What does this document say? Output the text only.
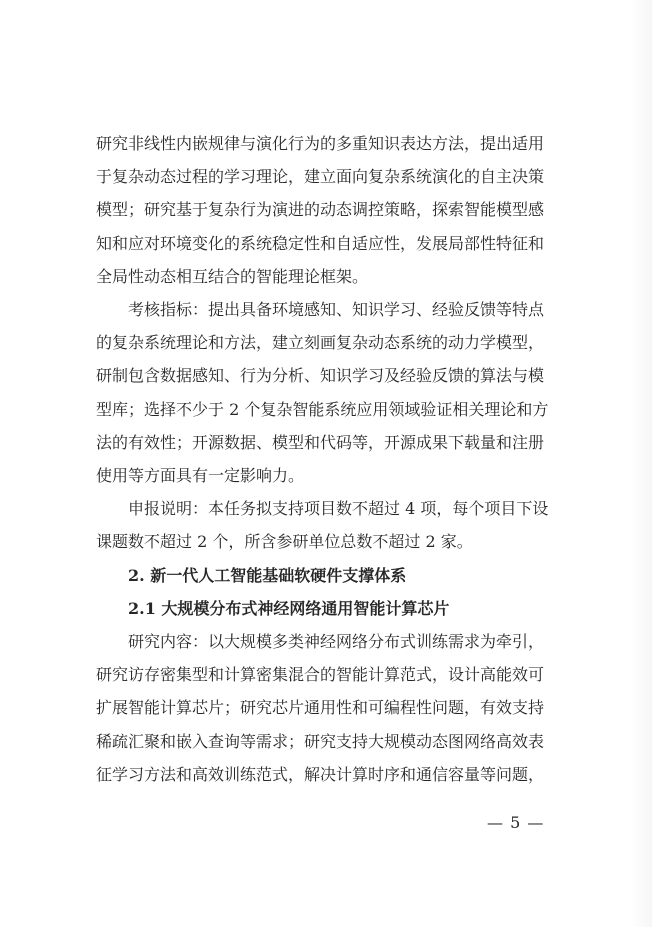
研究非线性内嵌规律与演化行为的多重知识表达方法，提出适用
于复杂动态过程的学习理论，建立面向复杂系统演化的自主决策
模型；研究基于复杂行为演进的动态调控策略，探索智能模型感
知和应对环境变化的系统稳定性和自适应性，发展局部性特征和
全局性动态相互结合的智能理论框架。
考核指标：提出具备环境感知、知识学习、经验反馈等特点
的复杂系统理论和方法，建立刻画复杂动态系统的动力学模型，
研制包含数据感知、行为分析、知识学习及经验反馈的算法与模
型库；选择不少于 2 个复杂智能系统应用领域验证相关理论和方
法的有效性；开源数据、模型和代码等，开源成果下载量和注册
使用等方面具有一定影响力。
申报说明：本任务拟支持项目数不超过 4 项，每个项目下设
课题数不超过 2 个，所含参研单位总数不超过 2 家。
2. 新一代人工智能基础软硬件支撑体系
2.1 大规模分布式神经网络通用智能计算芯片
研究内容：以大规模多类神经网络分布式训练需求为牵引，
研究访存密集型和计算密集混合的智能计算范式，设计高能效可
扩展智能计算芯片；研究芯片通用性和可编程性问题，有效支持
稀疏汇聚和嵌入查询等需求；研究支持大规模动态图网络高效表
征学习方法和高效训练范式，解决计算时序和通信容量等问题，
— 5 —
